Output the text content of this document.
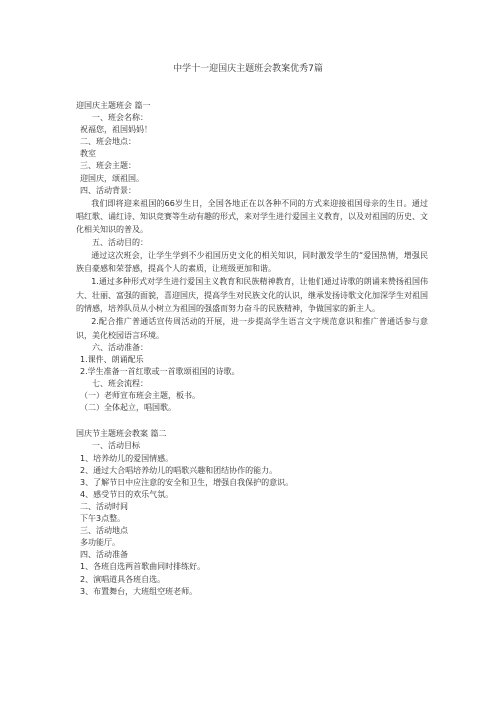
中学十一迎国庆主题班会教案优秀7篇
迎国庆主题班会 篇一
一、班会名称：
祝福您，祖国妈妈！
二、班会地点：
教室
三、班会主题：
迎国庆，颂祖国。
四、活动背景：
我们即将迎来祖国的66岁生日，全国各地正在以各种不同的方式来迎接祖国母亲的生日。通过唱红歌、诵红诗、知识竞赛等生动有趣的形式，来对学生进行爱国主义教育，以及对祖国的历史、文化相关知识的普及。
五、活动目的：
通过这次班会，让学生学到不少祖国历史文化的相关知识，同时激发学生的“爱国热情，增强民族自豪感和荣誉感，提高个人的素质，让班级更加和谐。
1.通过多种形式对学生进行爱国主义教育和民族精神教育，让他们通过诗歌的朗诵来赞扬祖国伟大、壮丽、富强的面貌，喜迎国庆，提高学生对民族文化的认识，继承发扬诗歌文化加深学生对祖国的情感，培养队员从小树立为祖国的强盛而努力奋斗的民族精神，争做国家的新主人。
2.配合推广普通话宣传周活动的开展，进一步提高学生语言文字规范意识和推广普通话参与意识，美化校园语言环境。
六、活动准备：
1.课件、朗诵配乐
2.学生准备一首红歌或一首歌颂祖国的诗歌。
七、班会流程：
（一）老师宣布班会主题，板书。
（二）全体起立，唱国歌。
国庆节主题班会教案 篇二
一、活动目标
1、培养幼儿的爱国情感。
2、通过大合唱培养幼儿的唱歌兴趣和团结协作的能力。
3、了解节日中应注意的安全和卫生，增强自我保护的意识。
4、感受节日的欢乐气氛。
二、活动时间
下午3点整。
三、活动地点
多功能厅。
四、活动准备
1、各班自选两首歌曲同时排练好。
2、演唱道具各班自选。
3、布置舞台，大班组空班老师。
